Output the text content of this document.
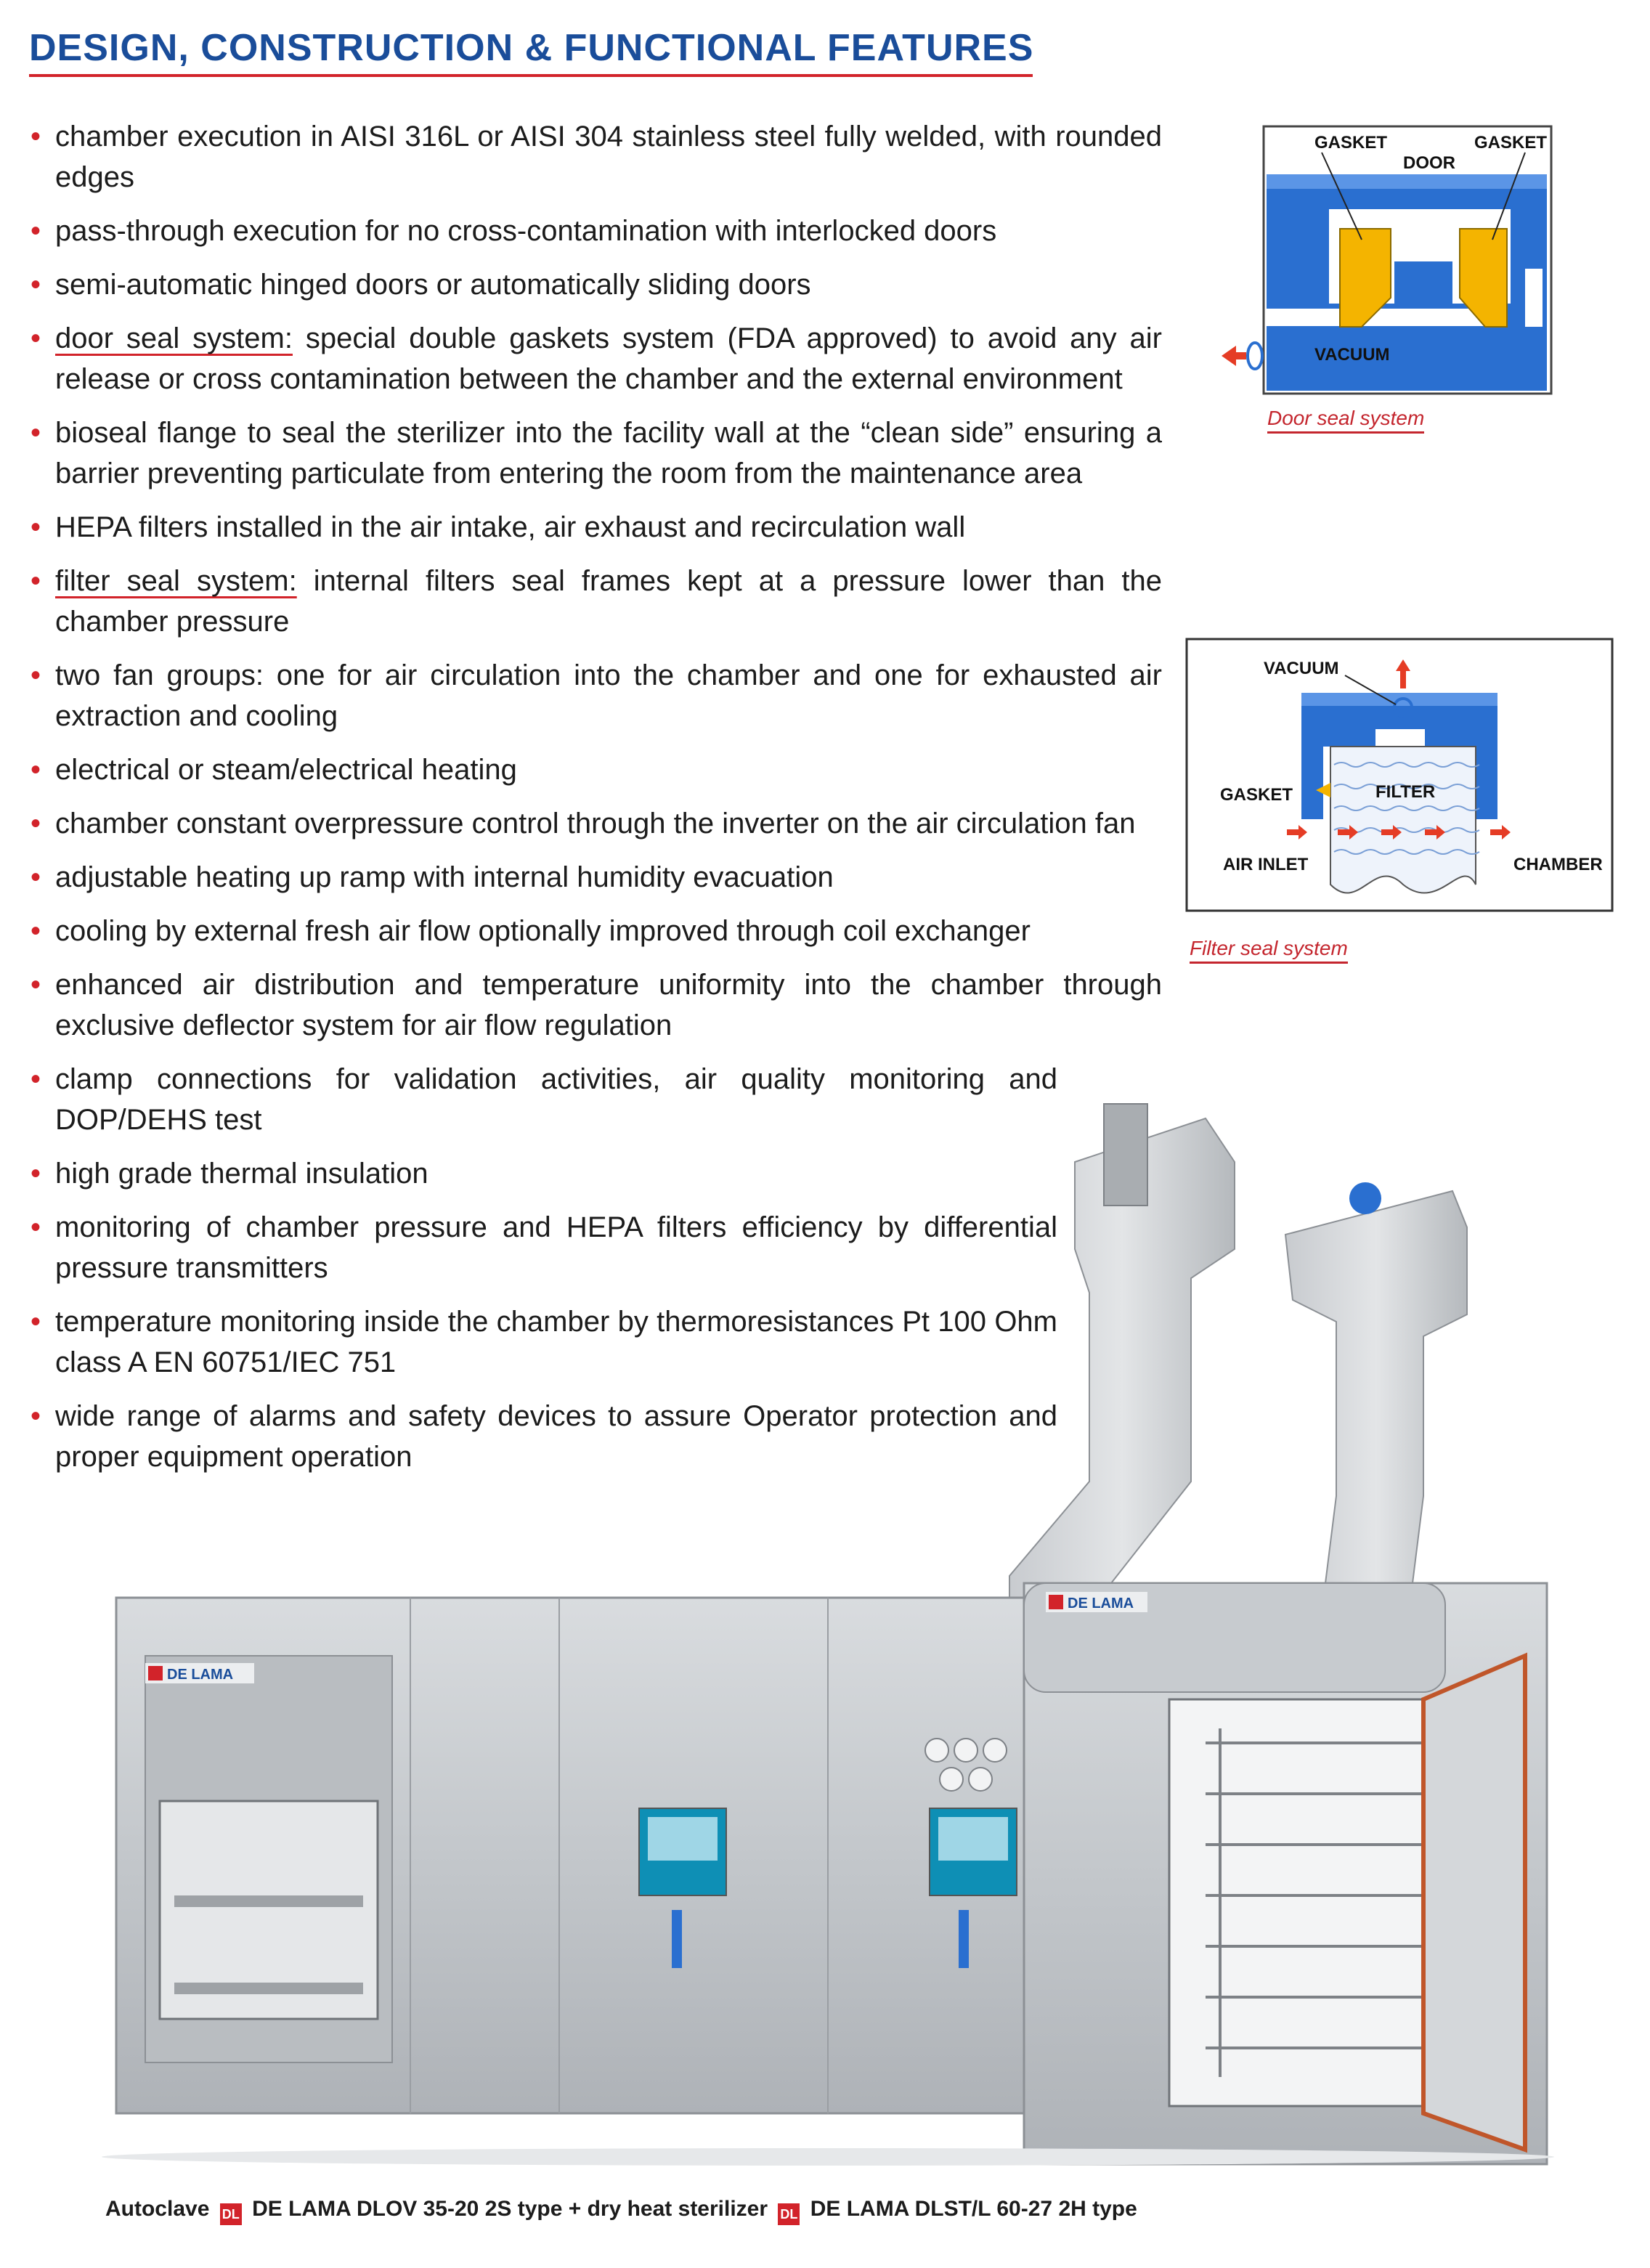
DESIGN, CONSTRUCTION & FUNCTIONAL FEATURES
• chamber execution in AISI 316L or AISI 304 stainless steel fully welded, with rounded edges
• pass-through execution for no cross-contamination with interlocked doors
• semi-automatic hinged doors or automatically sliding doors
• door seal system: special double gaskets system (FDA approved) to avoid any air release or cross contamination between the chamber and the external environment
• bioseal flange to seal the sterilizer into the facility wall at the “clean side” ensuring a barrier preventing particulate from entering the room from the maintenance area
• HEPA filters installed in the air intake, air exhaust and recirculation wall
• filter seal system: internal filters seal frames kept at a pressure lower than the chamber pressure
• two fan groups: one for air circulation into the chamber and one for exhausted air extraction and cooling
• electrical or steam/electrical heating
• chamber constant overpressure control through the inverter on the air circulation fan
• adjustable heating up ramp with internal humidity evacuation
• cooling by external fresh air flow optionally improved through coil exchanger
• enhanced air distribution and temperature uniformity into the chamber through exclusive deflector system for air flow regulation
• clamp connections for validation activities, air quality monitoring and DOP/DEHS test
• high grade thermal insulation
• monitoring of chamber pressure and HEPA filters efficiency by differential pressure transmitters
• temperature monitoring inside the chamber by thermoresistances Pt 100 Ohm class A EN 60751/IEC 751
• wide range of alarms and safety devices to assure Operator protection and proper equipment operation
GASKET	GASKET
DOOR
VACUUM
Door seal system
VACUUM
GASKET	FILTER
AIR INLET	CHAMBER
Filter seal system
DE LAMA
DE LAMA
Autoclave DL DE LAMA DLOV 35-20 2S type + dry heat sterilizer DL DE LAMA DLST/L 60-27 2H type
